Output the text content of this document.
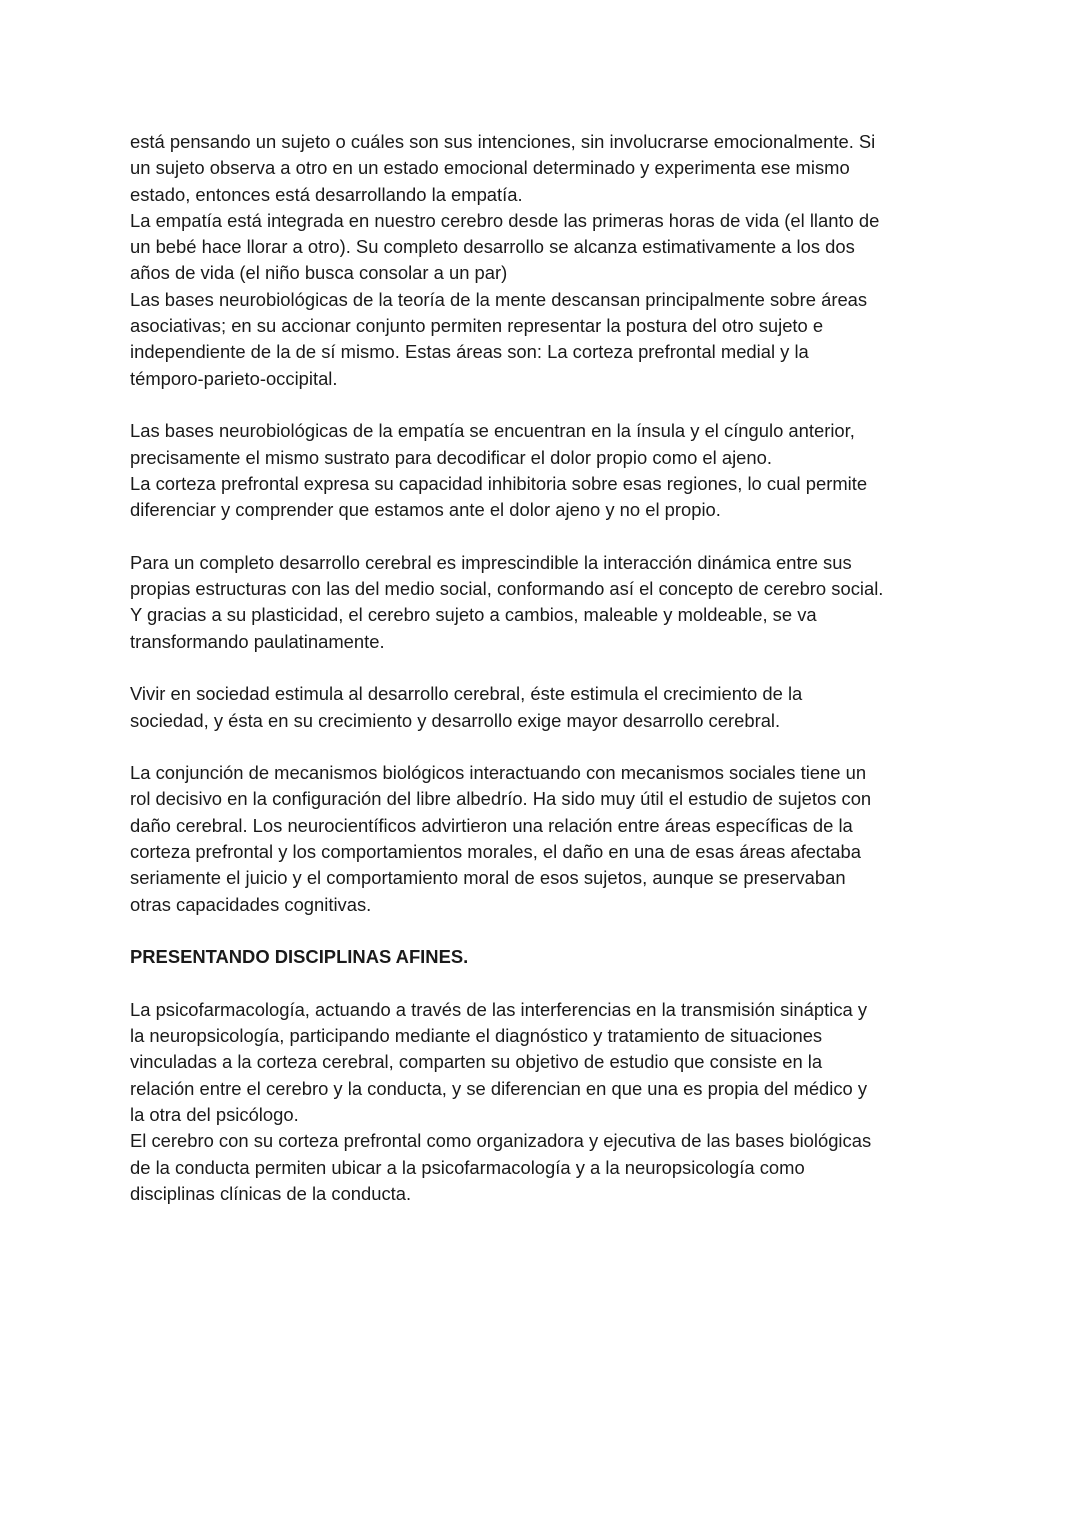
está pensando un sujeto o cuáles son sus intenciones, sin involucrarse emocionalmente. Si
un sujeto observa a otro en un estado emocional determinado y experimenta ese mismo
estado, entonces está desarrollando la empatía.

La empatía está integrada en nuestro cerebro desde las primeras horas de vida (el llanto de
un bebé hace llorar a otro). Su completo desarrollo se alcanza estimativamente a los dos
años de vida (el niño busca consolar a un par)

Las bases neurobiológicas de la teoría de la mente descansan principalmente sobre áreas
asociativas; en su accionar conjunto permiten representar la postura del otro sujeto e
independiente de la de sí mismo. Estas áreas son: La corteza prefrontal medial y la
témporo-parieto-occipital.

Las bases neurobiológicas de la empatía se encuentran en la ínsula y el cíngulo anterior,
precisamente el mismo sustrato para decodificar el dolor propio como el ajeno.

La corteza prefrontal expresa su capacidad inhibitoria sobre esas regiones, lo cual permite
diferenciar y comprender que estamos ante el dolor ajeno y no el propio.

Para un completo desarrollo cerebral es imprescindible la interacción dinámica entre sus
propias estructuras con las del medio social, conformando así el concepto de cerebro social.
Y gracias a su plasticidad, el cerebro sujeto a cambios, maleable y moldeable, se va
transformando paulatinamente.

Vivir en sociedad estimula al desarrollo cerebral, éste estimula el crecimiento de la
sociedad, y ésta en su crecimiento y desarrollo exige mayor desarrollo cerebral.

La conjunción de mecanismos biológicos interactuando con mecanismos sociales tiene un
rol decisivo en la configuración del libre albedrío. Ha sido muy útil el estudio de sujetos con
daño cerebral. Los neurocientíficos advirtieron una relación entre áreas específicas de la
corteza prefrontal y los comportamientos morales, el daño en una de esas áreas afectaba
seriamente el juicio y el comportamiento moral de esos sujetos, aunque se preservaban
otras capacidades cognitivas.

PRESENTANDO DISCIPLINAS AFINES.

La psicofarmacología, actuando a través de las interferencias en la transmisión sináptica y
la neuropsicología, participando mediante el diagnóstico y tratamiento de situaciones
vinculadas a la corteza cerebral, comparten su objetivo de estudio que consiste en la
relación entre el cerebro y la conducta, y se diferencian en que una es propia del médico y
la otra del psicólogo.

El cerebro con su corteza prefrontal como organizadora y ejecutiva de las bases biológicas
de la conducta permiten ubicar a la psicofarmacología y a la neuropsicología como
disciplinas clínicas de la conducta.
